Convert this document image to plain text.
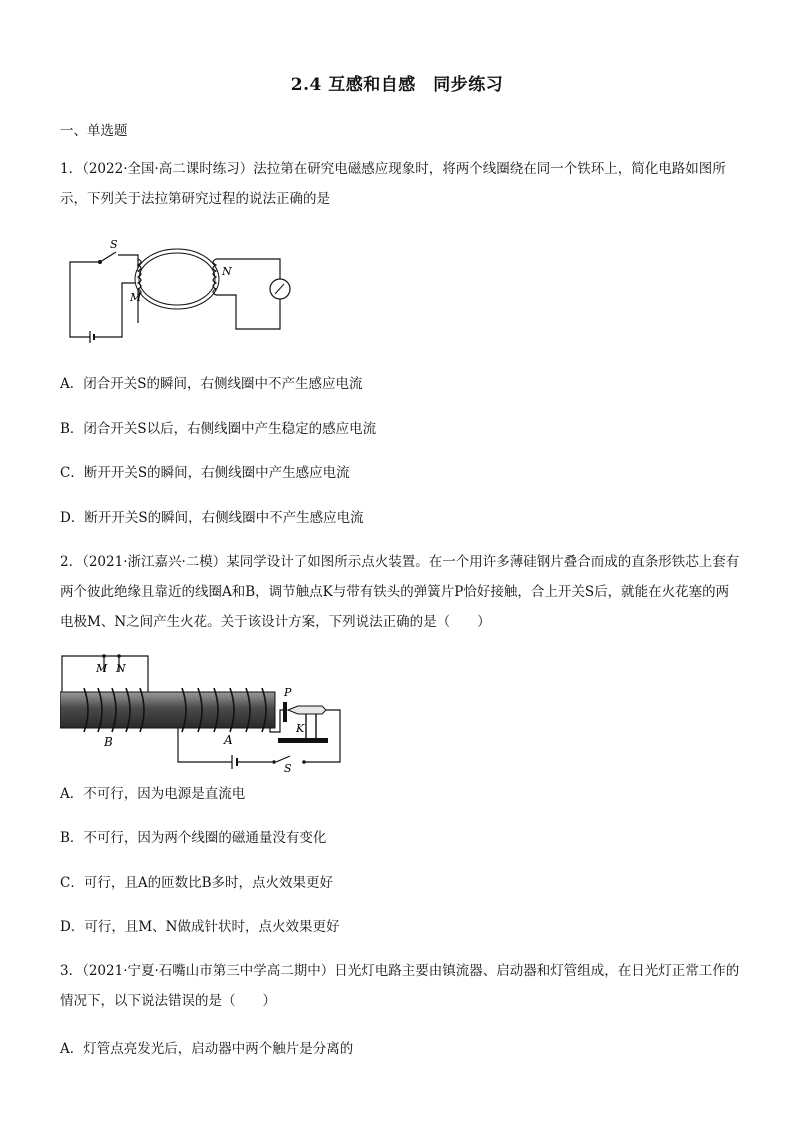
2.4 互感和自感　同步练习
一、单选题
1．（2022·全国·高二课时练习）法拉第在研究电磁感应现象时，将两个线圈绕在同一个铁环上，简化电路如图所示，下列关于法拉第研究过程的说法正确的是
S
M
N
A．闭合开关S的瞬间，右侧线圈中不产生感应电流
B．闭合开关S以后，右侧线圈中产生稳定的感应电流
C．断开开关S的瞬间，右侧线圈中产生感应电流
D．断开开关S的瞬间，右侧线圈中不产生感应电流
2．（2021·浙江嘉兴·二模）某同学设计了如图所示点火装置。在一个用许多薄硅钢片叠合而成的直条形铁芯上套有两个彼此绝缘且靠近的线圈A和B，调节触点K与带有铁头的弹簧片P恰好接触，合上开关S后，就能在火花塞的两电极M、N之间产生火花。关于该设计方案，下列说法正确的是（　　）
M N
B	A
P
K
S
A．不可行，因为电源是直流电
B．不可行，因为两个线圈的磁通量没有变化
C．可行，且A的匝数比B多时，点火效果更好
D．可行，且M、N做成针状时，点火效果更好
3．（2021·宁夏·石嘴山市第三中学高二期中）日光灯电路主要由镇流器、启动器和灯管组成，在日光灯正常工作的情况下，以下说法错误的是（　　）
A．灯管点亮发光后，启动器中两个触片是分离的
